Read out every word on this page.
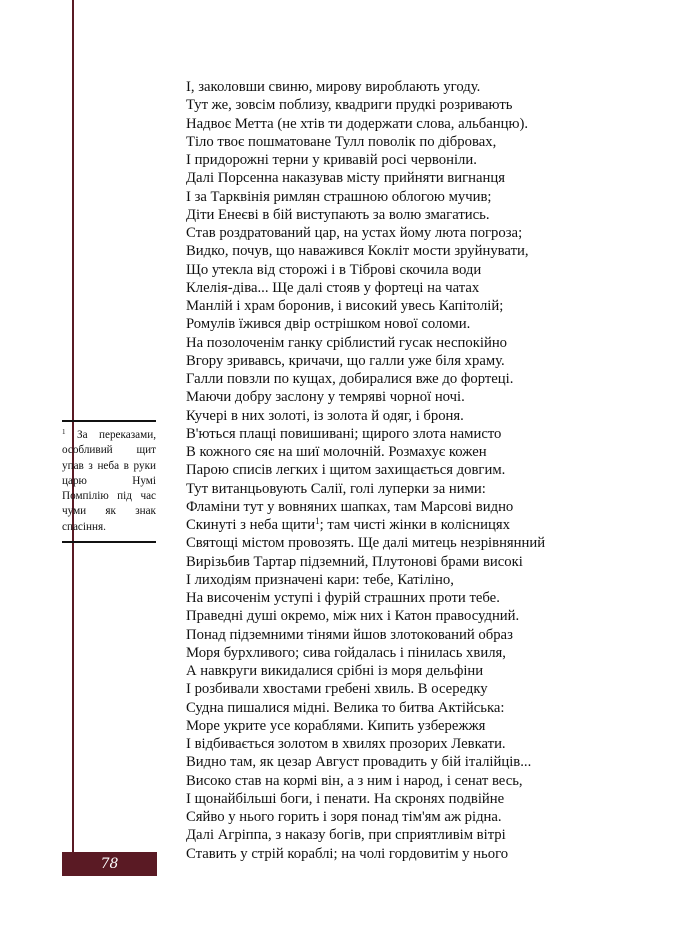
$^1$ За переказами, особливий щит упав з неба в руки царю Нумі Помпілію під час чуми як знак спасіння.
І, заколовши свиню, мирову вироблають угоду.
Тут же, зовсім поблизу, квадриги прудкі розривають
Надвоє Метта (не хтів ти додержати слова, альбанцю).
Тіло твоє пошматоване Тулл поволік по дібровах,
І придорожні терни у кривавій росі червоніли.
Далі Порсенна наказував місту прийняти вигнанця
І за Тарквінія римлян страшною облогою мучив;
Діти Енеєві в бій виступають за волю змагатись.
Став роздратований цар, на устах йому люта погроза;
Видко, почув, що наважився Кокліт мости зруйнувати,
Що утекла від сторожі і в Тіброві скочила води
Клелія-діва... Ще далі стояв у фортеці на чатах
Манлій і храм боронив, і високий увесь Капітолій;
Ромулів їжився двір острішком нової соломи.
На позолоченім ганку сріблистий гусак неспокійно
Вгору зривавсь, кричачи, що галли уже біля храму.
Галли повзли по кущах, добиралися вже до фортеці.
Маючи добру заслону у темряві чорної ночі.
Кучері в них золоті, із золота й одяг, і броня.
В'ються плащі повишивані; щирого злота намисто
В кожного сяє на шиї молочній. Розмахує кожен
Парою списів легких і щитом захищається довгим.
Тут витанцьовують Салії, голі луперки за ними:
Фламіни тут у вовняних шапках, там Марсові видно
Скинуті з неба щити$^1$; там чисті жінки в колісницях
Святощі містом провозять. Ще далі митець незрівнянний
Вирізьбив Тартар підземний, Плутонові брами високі
І лиходіям призначені кари: тебе, Катіліно,
На височенім уступі і фурій страшних проти тебе.
Праведні душі окремо, між них і Катон правосудний.
Понад підземними тінями йшов злотокований образ
Моря бурхливого; сива гойдалась і пінилась хвиля,
А навкруги викидалися срібні із моря дельфіни
І розбивали хвостами гребені хвиль. В осередку
Судна пишалися мідні. Велика то битва Актійська:
Море укрите усе кораблями. Кипить узбережжя
І відбивається золотом в хвилях прозорих Левкати.
Видно там, як цезар Август провадить у бій італійців...
Високо став на кормі він, а з ним і народ, і сенат весь,
І щонайбільші боги, і пенати. На скронях подвійне
Сяйво у нього горить і зоря понад тім'ям аж рідна.
Далі Агріппа, з наказу богів, при сприятливім вітрі
Ставить у стрій кораблі; на чолі гордовитім у нього
78
